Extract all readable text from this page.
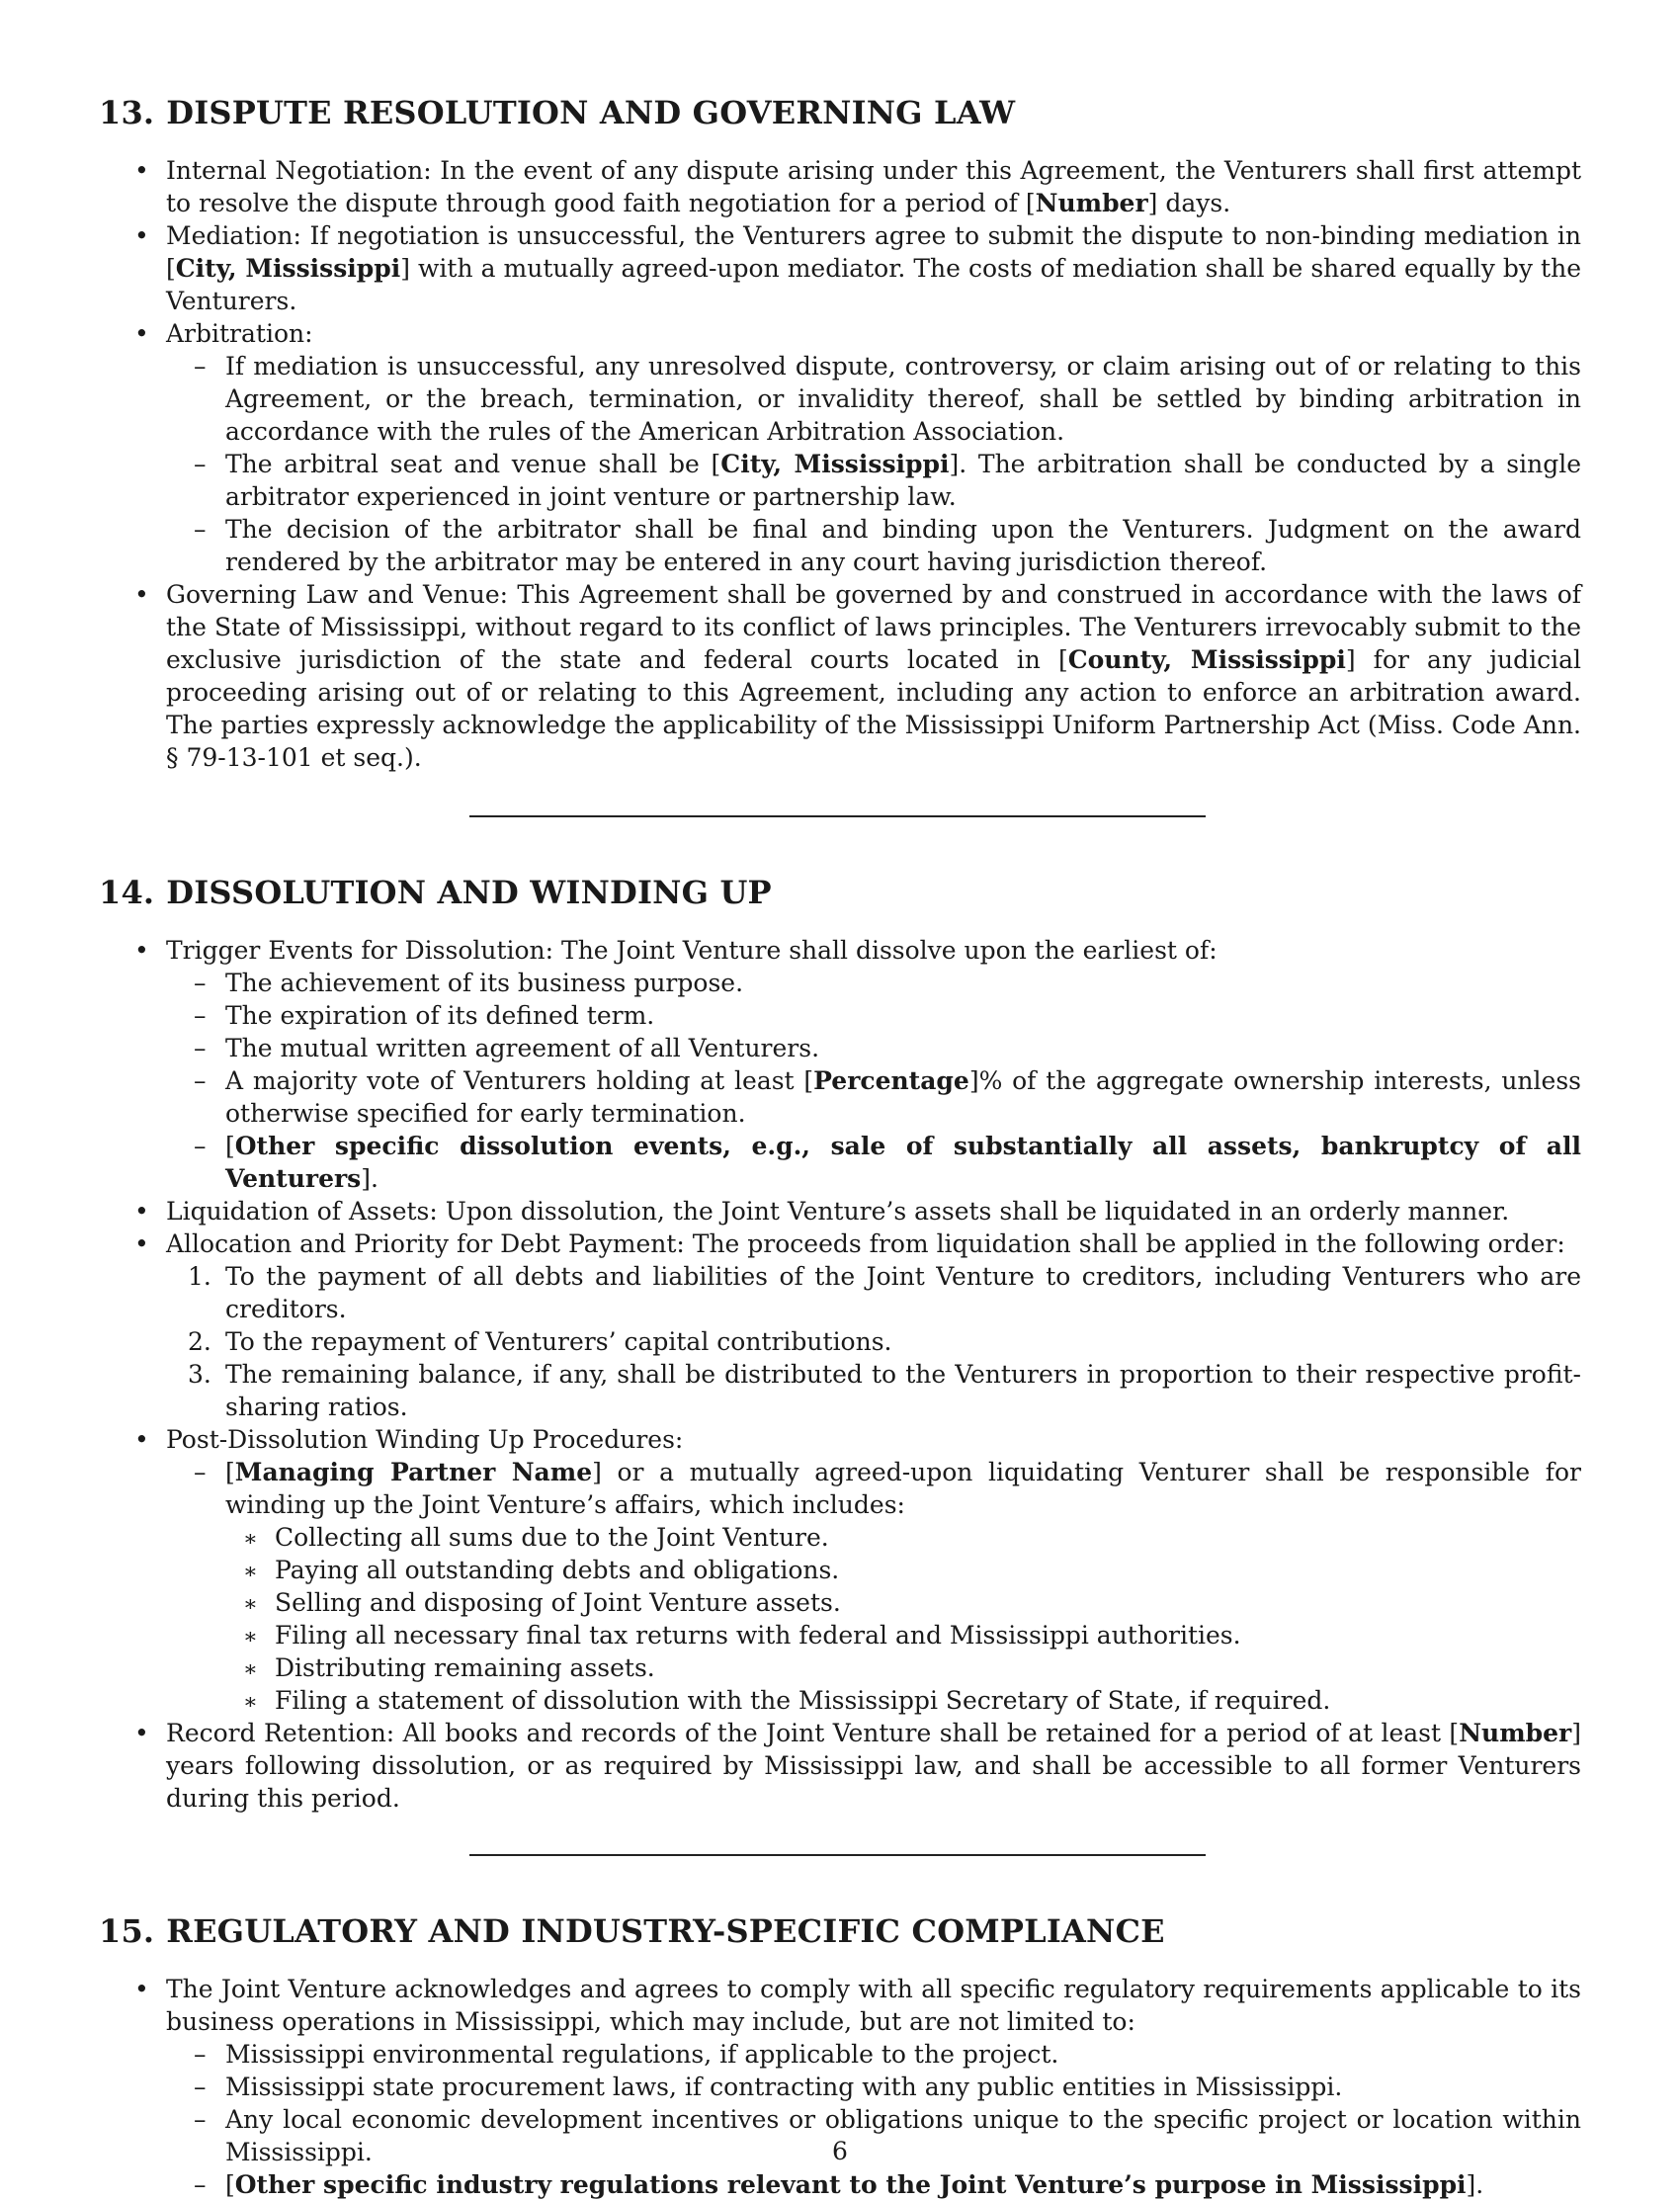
13. DISPUTE RESOLUTION AND GOVERNING LAW
• Internal Negotiation: In the event of any dispute arising under this Agreement, the Venturers shall first attempt to resolve the dispute through good faith negotiation for a period of [Number] days.
• Mediation: If negotiation is unsuccessful, the Venturers agree to submit the dispute to non-binding mediation in [City, Mississippi] with a mutually agreed-upon mediator. The costs of mediation shall be shared equally by the Venturers.
• Arbitration:
– If mediation is unsuccessful, any unresolved dispute, controversy, or claim arising out of or relating to this Agreement, or the breach, termination, or invalidity thereof, shall be settled by binding arbitration in accordance with the rules of the American Arbitration Association.
– The arbitral seat and venue shall be [City, Mississippi]. The arbitration shall be conducted by a single arbitrator experienced in joint venture or partnership law.
– The decision of the arbitrator shall be final and binding upon the Venturers. Judgment on the award rendered by the arbitrator may be entered in any court having jurisdiction thereof.
• Governing Law and Venue: This Agreement shall be governed by and construed in accordance with the laws of the State of Mississippi, without regard to its conflict of laws principles. The Venturers irrevocably submit to the exclusive jurisdiction of the state and federal courts located in [County, Mississippi] for any judicial proceeding arising out of or relating to this Agreement, including any action to enforce an arbitration award. The parties expressly acknowledge the applicability of the Mississippi Uniform Partnership Act (Miss. Code Ann. § 79-13-101 et seq.).
14. DISSOLUTION AND WINDING UP
• Trigger Events for Dissolution: The Joint Venture shall dissolve upon the earliest of:
– The achievement of its business purpose.
– The expiration of its defined term.
– The mutual written agreement of all Venturers.
– A majority vote of Venturers holding at least [Percentage]% of the aggregate ownership interests, unless otherwise specified for early termination.
– [Other specific dissolution events, e.g., sale of substantially all assets, bankruptcy of all Venturers].
• Liquidation of Assets: Upon dissolution, the Joint Venture’s assets shall be liquidated in an orderly manner.
• Allocation and Priority for Debt Payment: The proceeds from liquidation shall be applied in the following order:
1. To the payment of all debts and liabilities of the Joint Venture to creditors, including Venturers who are creditors.
2. To the repayment of Venturers’ capital contributions.
3. The remaining balance, if any, shall be distributed to the Venturers in proportion to their respective profit-sharing ratios.
• Post-Dissolution Winding Up Procedures:
– [Managing Partner Name] or a mutually agreed-upon liquidating Venturer shall be responsible for winding up the Joint Venture’s affairs, which includes:
∗ Collecting all sums due to the Joint Venture.
∗ Paying all outstanding debts and obligations.
∗ Selling and disposing of Joint Venture assets.
∗ Filing all necessary final tax returns with federal and Mississippi authorities.
∗ Distributing remaining assets.
∗ Filing a statement of dissolution with the Mississippi Secretary of State, if required.
• Record Retention: All books and records of the Joint Venture shall be retained for a period of at least [Number] years following dissolution, or as required by Mississippi law, and shall be accessible to all former Venturers during this period.
15. REGULATORY AND INDUSTRY-SPECIFIC COMPLIANCE
• The Joint Venture acknowledges and agrees to comply with all specific regulatory requirements applicable to its business operations in Mississippi, which may include, but are not limited to:
– Mississippi environmental regulations, if applicable to the project.
– Mississippi state procurement laws, if contracting with any public entities in Mississippi.
– Any local economic development incentives or obligations unique to the specific project or location within Mississippi.
– [Other specific industry regulations relevant to the Joint Venture’s purpose in Mississippi].
6
